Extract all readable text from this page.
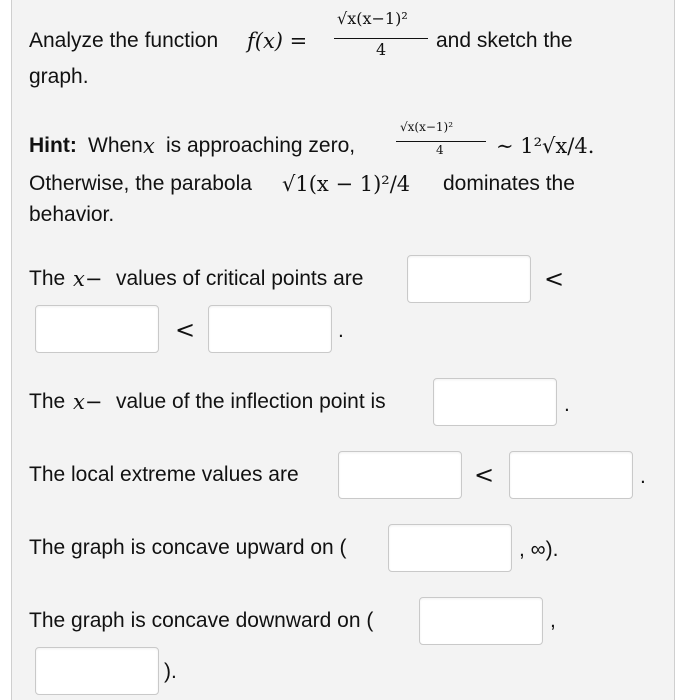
Analyze the function f(x) =
√x(x−1)²
4 and sketch the
graph.
Hint: When x is approaching zero,
√x(x−1)²
4 ∼ 1²√x/4.
Otherwise, the parabola √1(x − 1)²/4 dominates the
behavior.
The x− values of critical points are	<
<	.
The x− value of the inflection point is	.
The local extreme values are	<	.
The graph is concave upward on (	, ∞).
The graph is concave downward on (	,
).
